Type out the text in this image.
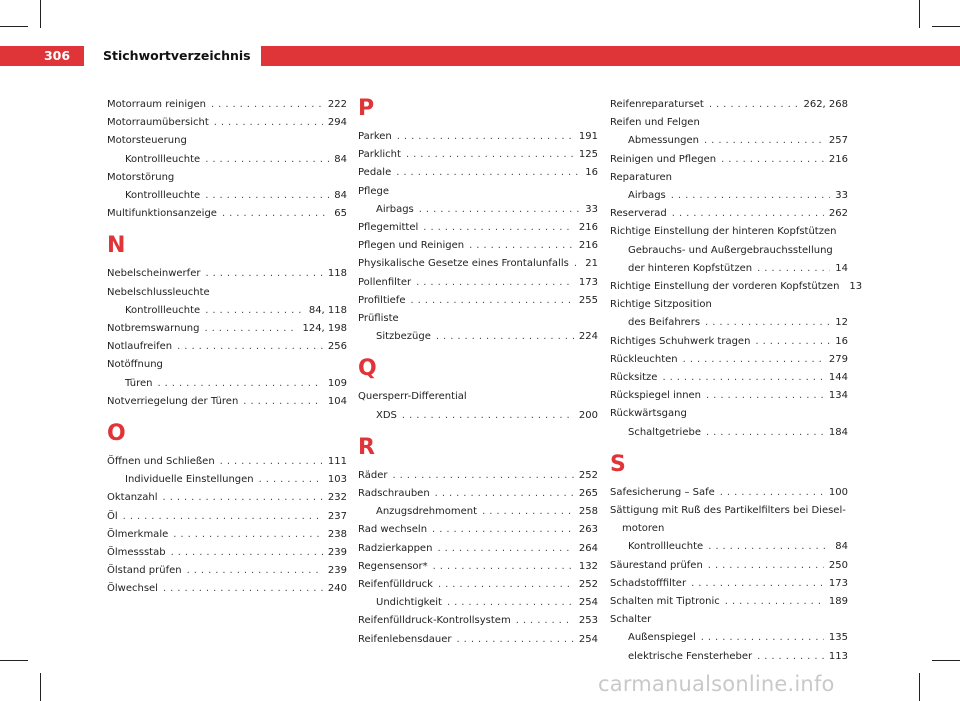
306	Stichwortverzeichnis
Motorraum reinigen . . .	222
Motorraumübersicht . . .	294
Motorsteuerung
Kontrollleuchte . . .	84
Motorstörung
Kontrollleuchte . . .	84
Multifunktionsanzeige . . .	65
N
Nebelscheinwerfer . . .	118
Nebelschlussleuchte
Kontrollleuchte . . .	84, 118
Notbremswarnung . . .	124, 198
Notlaufreifen . . .	256
Notöffnung
Türen . . .	109
Notverriegelung der Türen . . .	104
O
Öffnen und Schließen . . .	111
Individuelle Einstellungen . . .	103
Oktanzahl . . .	232
Öl . . .	237
Ölmerkmale . . .	238
Ölmessstab . . .	239
Ölstand prüfen . . .	239
Ölwechsel . . .	240
P
Parken . . .	191
Parklicht . . .	125
Pedale . . .	16
Pflege
Airbags . . .	33
Pflegemittel . . .	216
Pflegen und Reinigen . . .	216
Physikalische Gesetze eines Frontalunfalls . . . 21
Pollenfilter . . .	173
Profiltiefe . . .	255
Prüfliste
Sitzbezüge . . .	224
Q
Quersperr-Differential
XDS . . .	200
R
Räder . . .	252
Radschrauben . . .	265
Anzugsdrehmoment . . .	258
Rad wechseln . . .	263
Radzierkappen . . .	264
Regensensor* . . .	132
Reifenfülldruck . . .	252
Undichtigkeit . . .	254
Reifenfülldruck-Kontrollsystem . . .	253
Reifenlebensdauer . . .	254
Reifenreparaturset . . .	262, 268
Reifen und Felgen
Abmessungen . . .	257
Reinigen und Pflegen . . .	216
Reparaturen
Airbags . . .	33
Reserverad . . .	262
Richtige Einstellung der hinteren Kopfstützen
Gebrauchs- und Außergebrauchsstellung
der hinteren Kopfstützen . . .	14
Richtige Einstellung der vorderen Kopfstützen 13
Richtige Sitzposition
des Beifahrers . . .	12
Richtiges Schuhwerk tragen . . .	16
Rückleuchten . . .	279
Rücksitze . . .	144
Rückspiegel innen . . .	134
Rückwärtsgang
Schaltgetriebe . . .	184
S
Safesicherung – Safe . . .	100
Sättigung mit Ruß des Partikelfilters bei Diesel-
motoren
Kontrollleuchte . . .	84
Säurestand prüfen . . .	250
Schadstofffilter . . .	173
Schalten mit Tiptronic . . .	189
Schalter
Außenspiegel . . .	135
elektrische Fensterheber . . .	113
carmanualsonline.info
